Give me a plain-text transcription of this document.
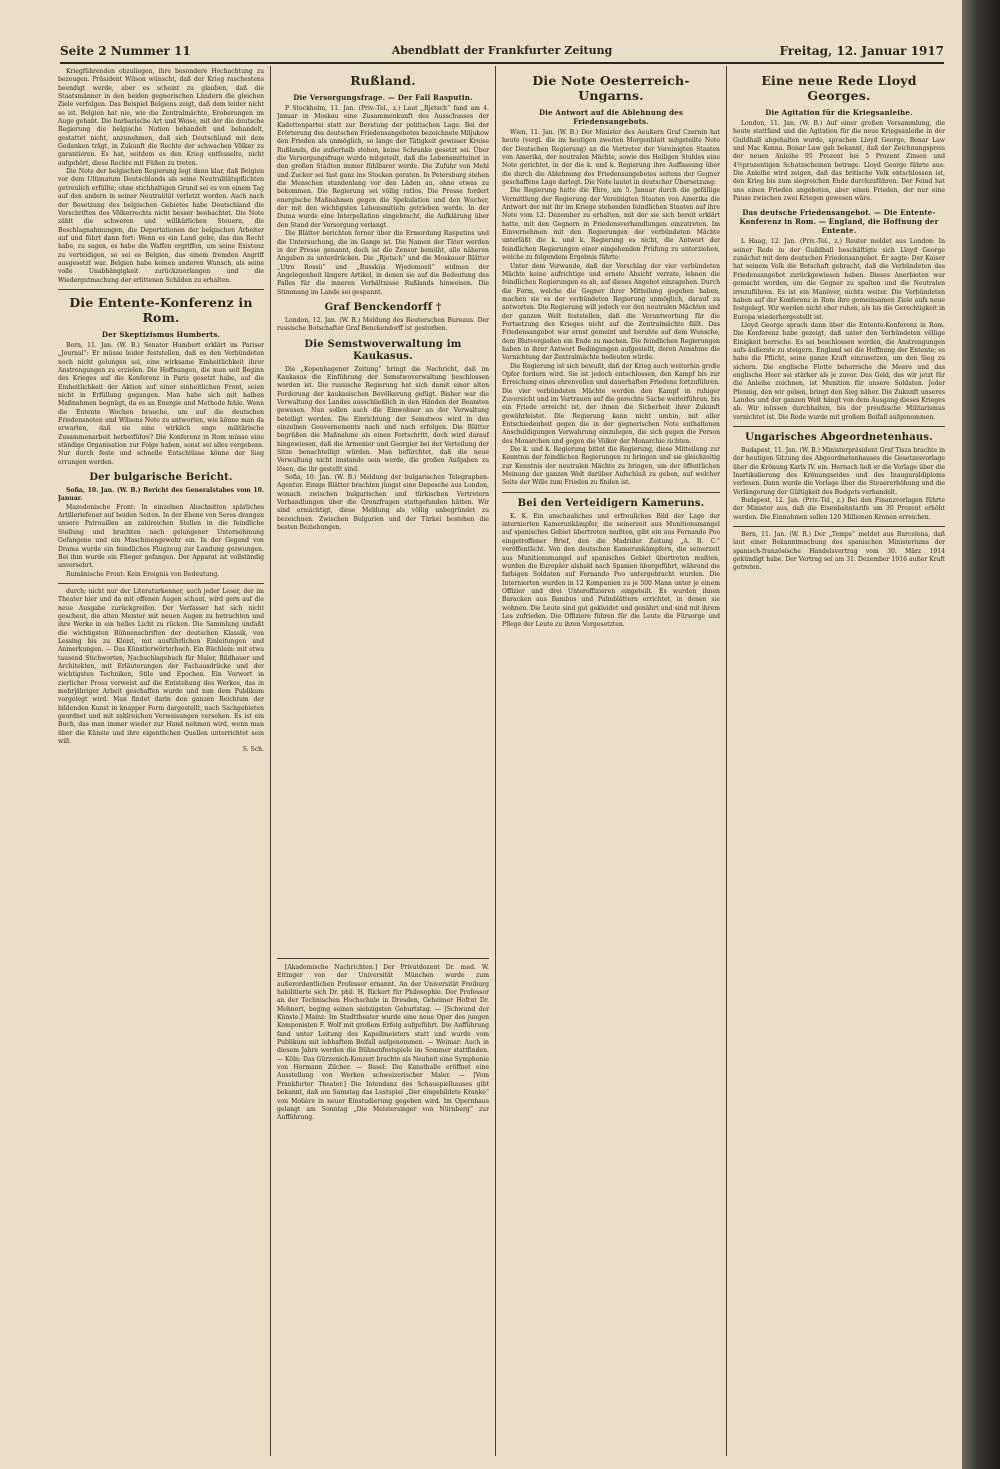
Seite 2 Nummer 11	Abendblatt der Frankfurter Zeitung	Freitag, 12. Januar 1917

Kriegführenden obzuliegen, ihre besondere Hochachtung zu bezeugen. Präsident Wilson wünscht, daß der Krieg raschestens beendigt werde, aber es scheint zu glauben, daß die Staatsmänner in den beiden gegnerischen Ländern die gleichen Ziele verfolgen. Das Beispiel Belgiens zeigt, daß dem leider nicht so ist. Belgien hat nie, wie die Zentralmächte, Eroberungen im Auge gehabt. Die barbarische Art und Weise, mit der die deutsche Regierung die belgische Nation behandelt und behandelt, gestattet nicht, anzunehmen, daß sich Deutschland mit dem Gedanken trägt, in Zukunft die Rechte der schwachen Völker zu garantieren. Es hat, seitdem es den Krieg entfesselte, nicht aufgehört, diese Rechte mit Füßen zu treten.

Die Note der belgischen Regierung legt dann klar, daß Belgien vor dem Ultimatum Deutschlands als seine Neutralitätspflichten getreulich erfüllte; ohne stichhaltigen Grund sei es von einem Tag auf den andern in seiner Neutralität verletzt worden. Auch nach der Besetzung des belgischen Gebietes habe Deutschland die Vorschriften des Völkerrechts nicht besser beobachtet. Die Note zählt die schweren und willkürlichen Steuern, die Beschlagnahmungen, die Deportationen der belgischen Arbeiter auf und führt dann fort: Wenn es ein Land gebe, das das Recht habe, zu sagen, es habe die Waffen ergriffen, um seine Existenz zu verteidigen, so sei es Belgien, das einem fremden Angriff ausgesetzt war. Belgien habe keinen anderen Wunsch, als seine volle Unabhängigkeit zurückzuerlangen und die Wiedergutmachung der erlittenen Schäden zu erhalten.

Die Entente-Konferenz in Rom.
Der Skeptizismus Humberts.

Bern, 11. Jan. (W. B.) Senator Humbert erklärt im Pariser „Journal“: Er müsse leider feststellen, daß es den Verbündeten noch nicht gelungen sei, eine wirksame Einheitlichkeit ihrer Anstrengungen zu erzielen. Die Hoffnungen, die man seit Beginn des Krieges auf die Konferenz in Paris gesetzt habe, auf die Einheitlichkeit der Aktion auf einer einheitlichen Front, seien nicht in Erfüllung gegangen. Man habe sich mit halben Maßnahmen begnügt, da es an Energie und Methode fehle. Wenn die Entente Wochen brauche, um auf die deutschen Friedensnoten und Wilsons Note zu antworten, wie könne man da erwarten, daß sie eine wirklich enge militärische Zusammenarbeit herbeiführe? Die Konferenz in Rom müsse eine ständige Organisation zur Folge haben, sonst sei alles vergebens. Nur durch feste und schnelle Entschlüsse könne der Sieg errungen werden.

Der bulgarische Bericht.

Sofia, 10. Jan. (W. B.) Bericht des Generalstabes vom 10. Januar.

Mazedonische Front: In einzelnen Abschnitten spärliches Artilleriefeuer auf beiden Seiten. In der Ebene von Seres drangen unsere Patrouillen an zahlreichen Stellen in die feindliche Stellung und brachten nach gelungener Unternehmung Gefangene und ein Maschinengewehr ein. In der Gegend von Drama wurde ein feindliches Flugzeug zur Landung gezwungen. Bei ihm wurde ein Flieger gefangen. Der Apparat ist vollständig unversehrt.

Rumänische Front: Kein Ereignis von Bedeutung.

durch; nicht nur der Literaturkenner, auch jeder Leser, der im Theater hier und da mit offenen Augen schaut, wird gern auf die neue Ausgabe zurückgreifen. Der Verfasser hat sich nicht gescheut, die alten Meister mit neuen Augen zu betrachten und ihre Werke in ein helles Licht zu rücken. Die Sammlung umfaßt die wichtigsten Bühnenschriften der deutschen Klassik, von Lessing bis zu Kleist, mit ausführlichen Einleitungen und Anmerkungen. — Das Künstlerwörterbuch. Ein Büchlein: mit etwa tausend Stichworten, Nachschlagebuch für Maler, Bildhauer und Architekten, mit Erläuterungen der Fachausdrücke und der wichtigsten Techniken, Stile und Epochen. Ein Vorwort in zierlicher Prosa verweist auf die Entstehung des Werkes, das in mehrjähriger Arbeit geschaffen wurde und nun dem Publikum vorgelegt wird. Man findet darin den ganzen Reichtum der bildenden Kunst in knapper Form dargestellt, nach Sachgebieten geordnet und mit zahlreichen Verweisungen versehen. Es ist ein Buch, das man immer wieder zur Hand nehmen wird, wenn man über die Künste und ihre eigentlichen Quellen unterrichtet sein will.

S. Sch.
Rußland.
Die Versorgungsfrage. — Der Fall Rasputin.

P Stockholm, 11. Jan. (Priv.-Tel., z.) Laut „Rjetsch“ fand am 4. Januar in Moskau eine Zusammenkunft des Ausschusses der Kadettenpartei statt zur Beratung der politischen Lage. Bei der Erörterung des deutschen Friedensangebotes bezeichnete Miljukow den Frieden als unmöglich, so lange der Tätigkeit gewisser Kreise Rußlands, die außerhalb stehen, keine Schranke gesetzt sei. Über die Versorgungsfrage wurde mitgeteilt, daß die Lebensmittelnot in den großen Städten immer fühlbarer werde. Die Zufuhr von Mehl und Zucker sei fast ganz ins Stocken geraten. In Petersburg stehen die Menschen stundenlang vor den Läden an, ohne etwas zu bekommen. Die Regierung sei völlig ratlos. Die Presse fordert energische Maßnahmen gegen die Spekulation und den Wucher, der mit den wichtigsten Lebensmitteln getrieben werde. In der Duma wurde eine Interpellation eingebracht, die Aufklärung über den Stand der Versorgung verlangt.

Die Blätter berichten ferner über die Ermordung Rasputins und die Untersuchung, die im Gange ist. Die Namen der Täter werden in der Presse genannt, doch ist die Zensur bemüht, alle näheren Angaben zu unterdrücken. Die „Rjetsch“ und die Moskauer Blätter „Utro Rossii“ und „Russkija Wjedomosti“ widmen der Angelegenheit längere Artikel, in denen sie auf die Bedeutung des Falles für die inneren Verhältnisse Rußlands hinweisen. Die Stimmung im Lande sei gespannt.

Graf Benckendorff †

London, 12. Jan. (W. B.) Meldung des Reuterschen Bureaus. Der russische Botschafter Graf Benckendorff ist gestorben.

Die Semstwoverwaltung im Kaukasus.

Die „Kopenhagener Zeitung“ bringt die Nachricht, daß im Kaukasus die Einführung der Semstwoverwaltung beschlossen worden ist. Die russische Regierung hat sich damit einer alten Forderung der kaukasischen Bevölkerung gefügt. Bisher war die Verwaltung des Landes ausschließlich in den Händen der Beamten gewesen. Nun sollen auch die Einwohner an der Verwaltung beteiligt werden. Die Einrichtung der Semstwos wird in den einzelnen Gouvernements nach und nach erfolgen. Die Blätter begrüßen die Maßnahme als einen Fortschritt, doch wird darauf hingewiesen, daß die Armenier und Georgier bei der Verteilung der Sitze benachteiligt würden. Man befürchtet, daß die neue Verwaltung nicht imstande sein werde, die großen Aufgaben zu lösen, die ihr gestellt sind.

Sofia, 10. Jan. (W. B.) Meldung der bulgarischen Telegraphen-Agentur. Einige Blätter brachten jüngst eine Depesche aus London, wonach zwischen bulgarischen und türkischen Vertretern Verhandlungen über die Grenzfragen stattgefunden hätten. Wir sind ermächtigt, diese Meldung als völlig unbegründet zu bezeichnen. Zwischen Bulgarien und der Türkei bestehen die besten Beziehungen.

[Akademische Nachrichten.] Der Privatdozent Dr. med. W. Ettinger von der Universität München wurde zum außerordentlichen Professor ernannt. An der Universität Freiburg habilitierte sich Dr. phil. H. Rickert für Philosophie. Der Professor an der Technischen Hochschule in Dresden, Geheimer Hofrat Dr. Mehnert, beging seinen siebzigsten Geburtstag. — [Schwund der Künste.] Mainz: Im Stadttheater wurde eine neue Oper des jungen Komponisten F. Wolf mit großem Erfolg aufgeführt. Die Aufführung fand unter Leitung des Kapellmeisters statt und wurde vom Publikum mit lebhaftem Beifall aufgenommen. — Weimar: Auch in diesem Jahre werden die Bühnenfestspiele im Sommer stattfinden. — Köln: Das Gürzenich-Konzert brachte als Neuheit eine Symphonie von Hermann Zilcher. — Basel: Die Kunsthalle eröffnet eine Ausstellung von Werken schweizerischer Maler. — [Vom Frankfurter Theater.] Die Intendanz des Schauspielhauses gibt bekannt, daß am Samstag das Lustspiel „Der eingebildete Kranke“ von Molière in neuer Einstudierung gegeben wird. Im Opernhaus gelangt am Sonntag „Die Meistersinger von Nürnberg“ zur Aufführung.

Die Note Oesterreich-Ungarns.
Die Antwort auf die Ablehnung des Friedensangebots.

Wien, 11. Jan. (W. B.) Der Minister des Aeußern Graf Czernin hat heute (vergl. die im heutigen zweiten Morgenblatt mitgeteilte Note der Deutschen Regierung) an die Vertreter der Vereinigten Staaten von Amerika, der neutralen Mächte, sowie des Heiligen Stuhles eine Note gerichtet, in der die k. und k. Regierung ihre Auffassung über die durch die Ablehnung des Friedensangebotes seitens der Gegner geschaffene Lage darlegt. Die Note lautet in deutscher Übersetzung:

Die Regierung hatte die Ehre, am 5. Januar durch die gefällige Vermittlung der Regierung der Vereinigten Staaten von Amerika die Antwort der mit ihr im Kriege stehenden feindlichen Staaten auf ihre Note vom 12. Dezember zu erhalten, mit der sie sich bereit erklärt hatte, mit den Gegnern in Friedensverhandlungen einzutreten. Im Einvernehmen mit den Regierungen der verbündeten Mächte unterläßt die k. und k. Regierung es nicht, die Antwort der feindlichen Regierungen einer eingehenden Prüfung zu unterziehen, welche zu folgendem Ergebnis führte:

Unter dem Vorwande, daß der Vorschlag der vier verbündeten Mächte keine aufrichtige und ernste Absicht verrate, lehnen die feindlichen Regierungen es ab, auf dieses Angebot einzugehen. Durch die Form, welche die Gegner ihrer Mitteilung gegeben haben, machen sie es der verbündeten Regierung unmöglich, darauf zu antworten. Die Regierung will jedoch vor den neutralen Mächten und der ganzen Welt feststellen, daß die Verantwortung für die Fortsetzung des Krieges nicht auf die Zentralmächte fällt. Das Friedensangebot war ernst gemeint und beruhte auf dem Wunsche, dem Blutvergießen ein Ende zu machen. Die feindlichen Regierungen haben in ihrer Antwort Bedingungen aufgestellt, deren Annahme die Vernichtung der Zentralmächte bedeuten würde.

Die Regierung ist sich bewußt, daß der Krieg auch weiterhin große Opfer fordern wird. Sie ist jedoch entschlossen, den Kampf bis zur Erreichung eines ehrenvollen und dauerhaften Friedens fortzuführen. Die vier verbündeten Mächte werden den Kampf in ruhiger Zuversicht und im Vertrauen auf die gerechte Sache weiterführen, bis ein Friede erreicht ist, der ihnen die Sicherheit ihrer Zukunft gewährleistet. Die Regierung kann nicht umhin, mit aller Entschiedenheit gegen die in der gegnerischen Note enthaltenen Anschuldigungen Verwahrung einzulegen, die sich gegen die Person des Monarchen und gegen die Völker der Monarchie richten.

Die k. und k. Regierung bittet die Regierung, diese Mitteilung zur Kenntnis der feindlichen Regierungen zu bringen und sie gleichzeitig zur Kenntnis der neutralen Mächte zu bringen, um der öffentlichen Meinung der ganzen Welt darüber Aufschluß zu geben, auf welcher Seite der Wille zum Frieden zu finden ist.

Bei den Verteidigern Kameruns.

K. K. Ein anschauliches und erfreuliches Bild der Lage der internierten Kamerunkämpfer, die seinerzeit aus Munitionsmangel auf spanisches Gebiet übertreten mußten, gibt ein aus Fernando Poo eingetroffener Brief, den die Madrider Zeitung „A. B. C.“ veröffentlicht. Von den deutschen Kamerunkämpfern, die seinerzeit aus Munitionsmangel auf spanisches Gebiet übertreten mußten, wurden die Europäer alsbald nach Spanien übergeführt, während die farbigen Soldaten auf Fernando Poo untergebracht wurden. Die Internierten wurden in 12 Kompanien zu je 500 Mann unter je einem Offizier und drei Unteroffizieren eingeteilt. Es wurden ihnen Baracken aus Bambus und Palmblättern errichtet, in denen sie wohnen. Die Leute sind gut gekleidet und genährt und sind mit ihrem Los zufrieden. Die Offiziere führen für die Leute die Fürsorge und Pflege der Leute zu ihren Vorgesetzten.

Eine neue Rede Lloyd Georges.
Die Agitation für die Kriegsanleihe.

London, 11. Jan. (W. B.) Auf einer großen Versammlung, die heute stattfand und die Agitation für die neue Kriegsanleihe in der Guildhall abgehalten wurde, sprachen Lloyd George, Bonar Law und Mac Kenna. Bonar Law gab bekannt, daß der Zeichnungspreis der neuen Anleihe 95 Prozent bei 5 Prozent Zinsen und 4½prozentigen Schatzscheinen betrage. Lloyd George führte aus: Die Anleihe wird zeigen, daß das britische Volk entschlossen ist, den Krieg bis zum siegreichen Ende durchzuführen. Der Feind hat uns einen Frieden angeboten, aber einen Frieden, der nur eine Pause zwischen zwei Kriegen gewesen wäre.

Das deutsche Friedensangebot. — Die Entente-Konferenz in Rom. — England, die Hoffnung der Entente.

L Haag, 12. Jan. (Priv.-Tel., z.) Reuter meldet aus London: In seiner Rede in der Guildhall beschäftigte sich Lloyd George zunächst mit dem deutschen Friedensangebot. Er sagte: Der Kaiser hat seinem Volk die Botschaft gebracht, daß die Verbündeten das Friedensangebot zurückgewiesen haben. Dieses Anerbieten war gemacht worden, um die Gegner zu spalten und die Neutralen irrezuführen. Es ist ein Manöver, nichts weiter. Die Verbündeten haben auf der Konferenz in Rom ihre gemeinsamen Ziele aufs neue festgelegt. Wir werden nicht eher ruhen, als bis die Gerechtigkeit in Europa wiederhergestellt ist.

Lloyd George sprach dann über die Entente-Konferenz in Rom. Die Konferenz habe gezeigt, daß unter den Verbündeten völlige Einigkeit herrsche. Es sei beschlossen worden, die Anstrengungen aufs äußerste zu steigern. England sei die Hoffnung der Entente; es habe die Pflicht, seine ganze Kraft einzusetzen, um den Sieg zu sichern. Die englische Flotte beherrsche die Meere und das englische Heer sei stärker als je zuvor. Das Geld, das wir jetzt für die Anleihe zeichnen, ist Munition für unsere Soldaten. Jeder Pfennig, den wir geben, bringt den Sieg näher. Die Zukunft unseres Landes und der ganzen Welt hängt von dem Ausgang dieses Krieges ab. Wir müssen durchhalten, bis der preußische Militarismus vernichtet ist. Die Rede wurde mit großem Beifall aufgenommen.

Ungarisches Abgeordnetenhaus.

Budapest, 11. Jan. (W. B.) Ministerpräsident Graf Tisza brachte in der heutigen Sitzung des Abgeordnetenhauses die Gesetzesvorlage über die Krönung Karls IV. ein. Hernach ließ er die Vorlage über die Inartikulierung des Krönungseides und des Inauguraldiploms verlesen. Dann wurde die Vorlage über die Steuererhöhung und die Verlängerung der Gültigkeit des Budgets verhandelt.

Budapest, 12. Jan. (Priv.-Tel., z.) Bei den Finanzvorlagen führte der Minister aus, daß die Eisenbahntarife um 30 Prozent erhöht werden. Die Einnahmen sollen 120 Millionen Kronen erreichen.

Bern, 11. Jan. (W. B.) Der „Temps“ meldet aus Barcelona, daß laut einer Bekanntmachung des spanischen Ministeriums der spanisch-französische Handelsvertrag vom 30. März 1914 gekündigt habe. Der Vertrag sei am 31. Dezember 1916 außer Kraft getreten.
